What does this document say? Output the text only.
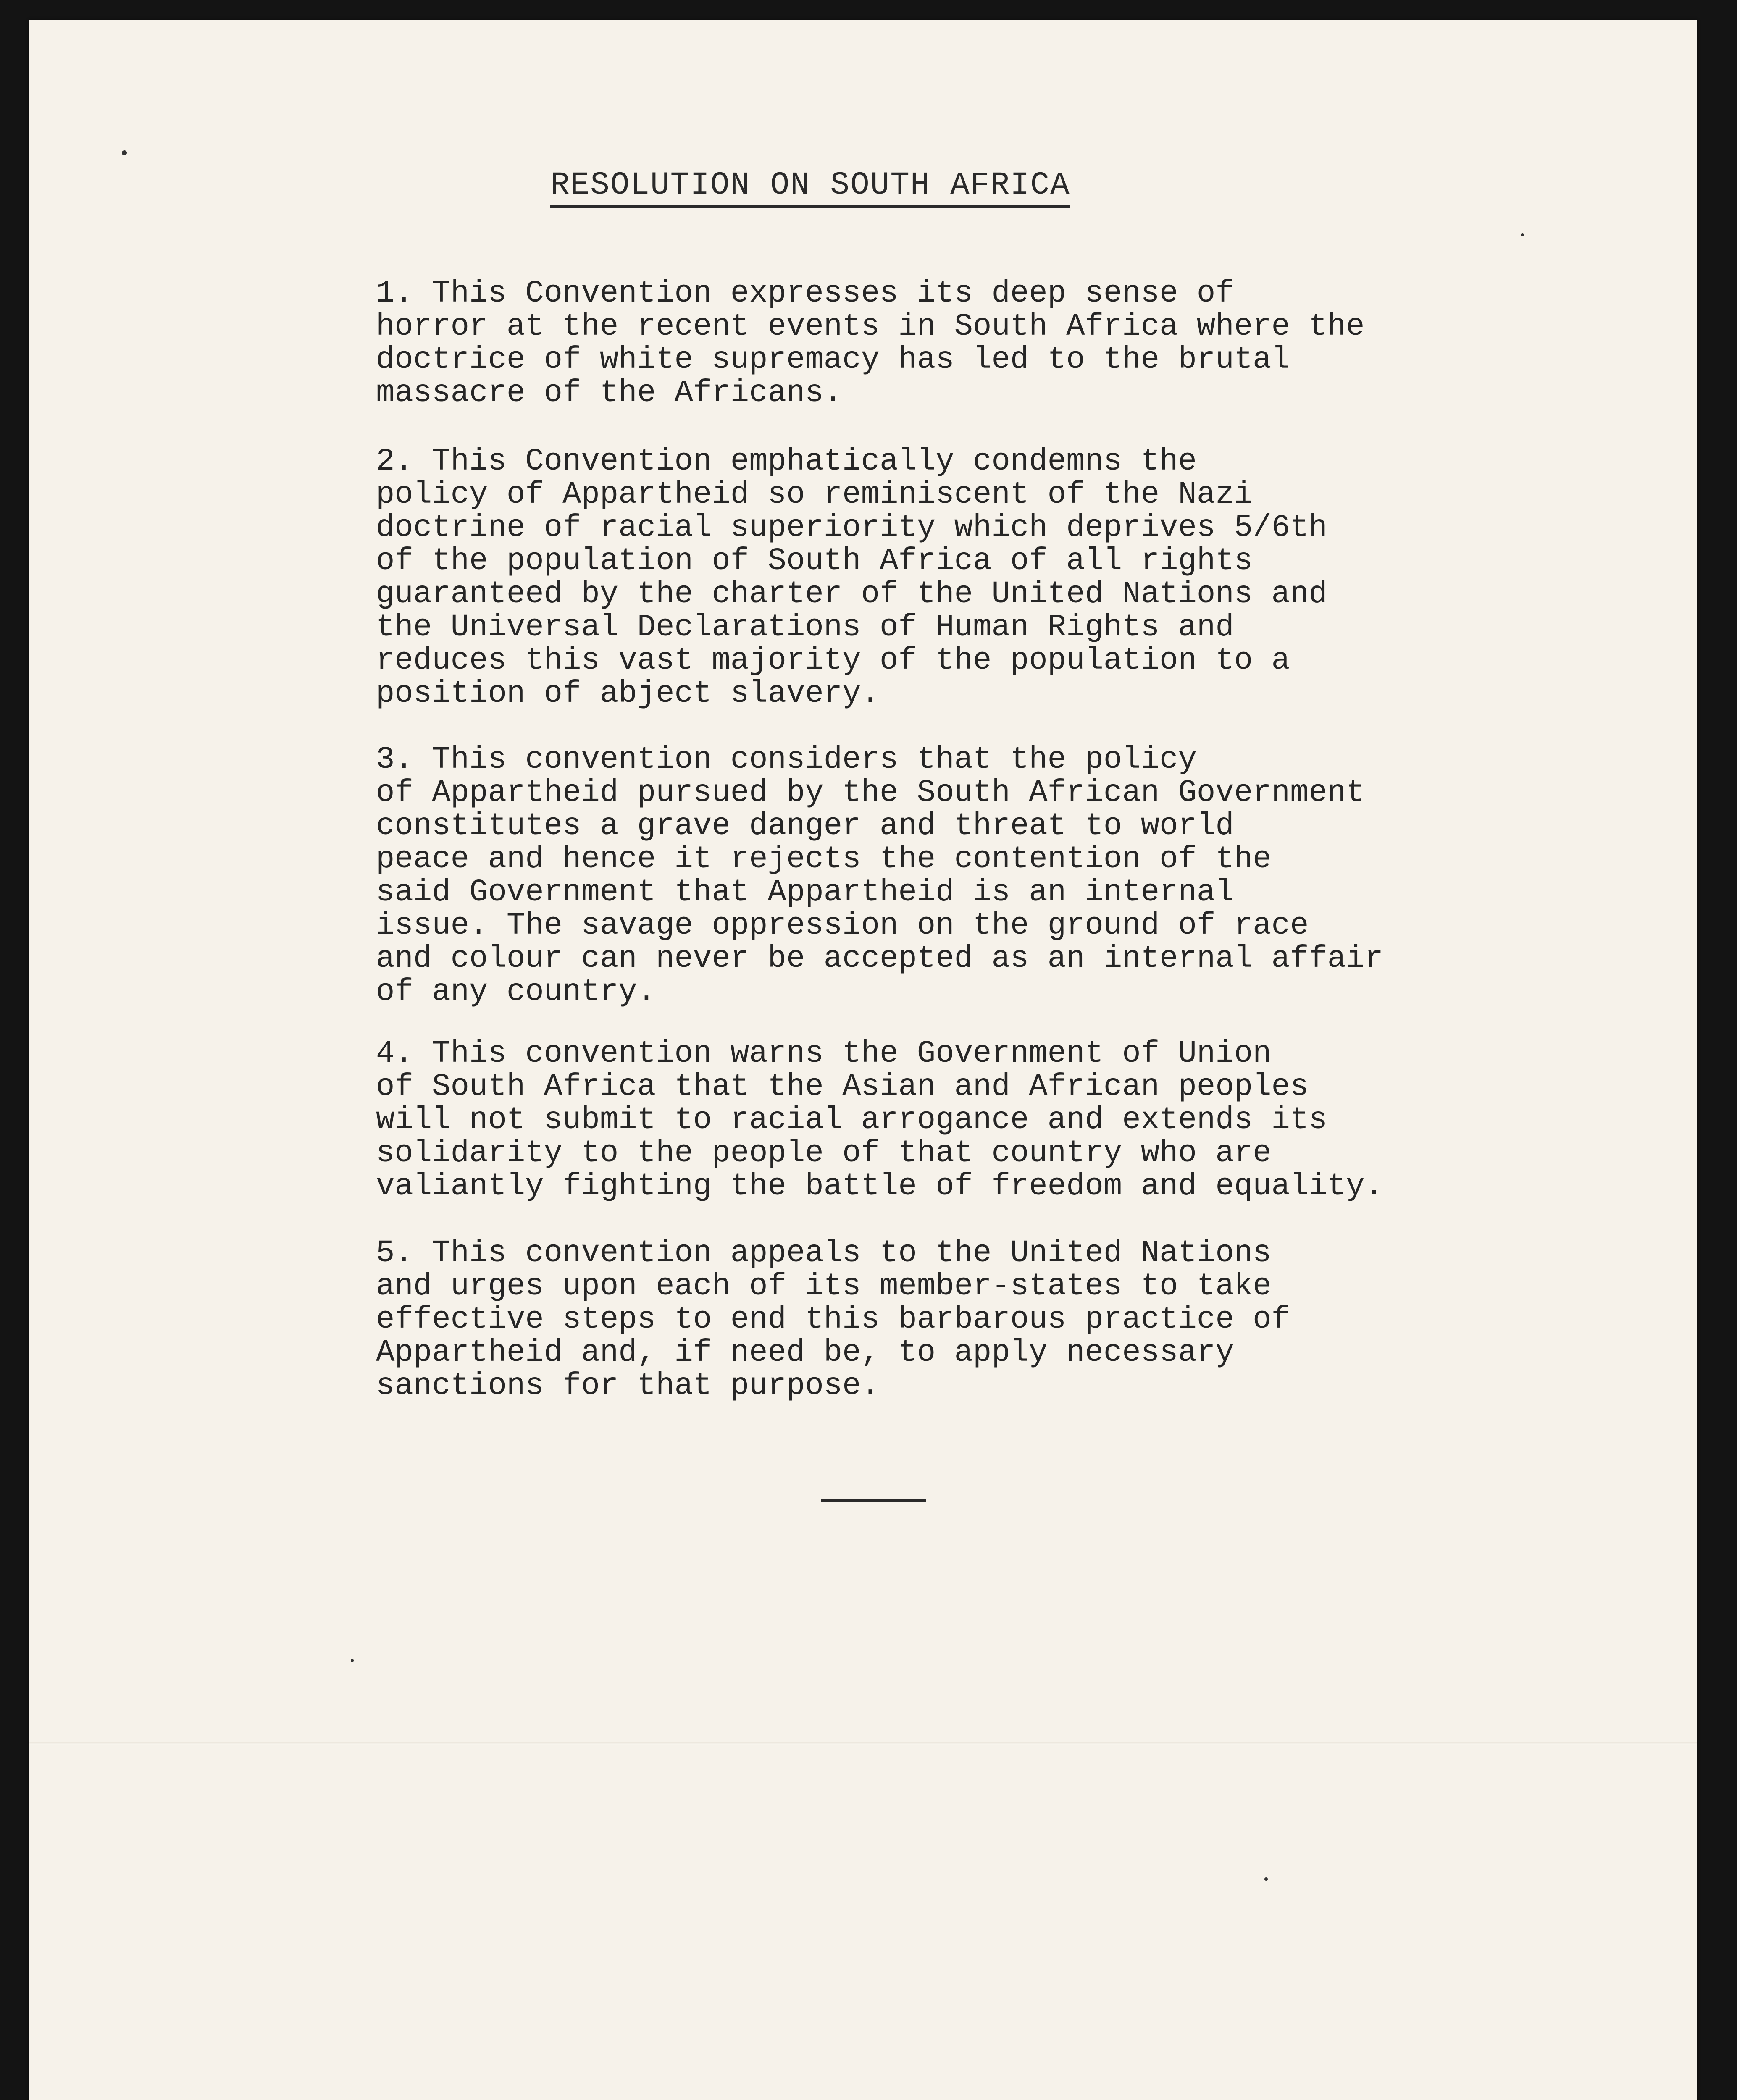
RESOLUTION ON SOUTH AFRICA
1. This Convention expresses its deep sense of
horror at the recent events in South Africa where the
doctrice of white supremacy has led to the brutal
massacre of the Africans.
2. This Convention emphatically condemns the
policy of Appartheid so reminiscent of the Nazi
doctrine of racial superiority which deprives 5/6th
of the population of South Africa of all rights
guaranteed by the charter of the United Nations and
the Universal Declarations of Human Rights and
reduces this vast majority of the population to a
position of abject slavery.
3. This convention considers that the policy
of Appartheid pursued by the South African Government
constitutes a grave danger and threat to world
peace and hence it rejects the contention of the
said Government that Appartheid is an internal
issue. The savage oppression on the ground of race
and colour can never be accepted as an internal affair
of any country.
4. This convention warns the Government of Union
of South Africa that the Asian and African peoples
will not submit to racial arrogance and extends its
solidarity to the people of that country who are
valiantly fighting the battle of freedom and equality.
5. This convention appeals to the United Nations
and urges upon each of its member-states to take
effective steps to end this barbarous practice of
Appartheid and, if need be, to apply necessary
sanctions for that purpose.
